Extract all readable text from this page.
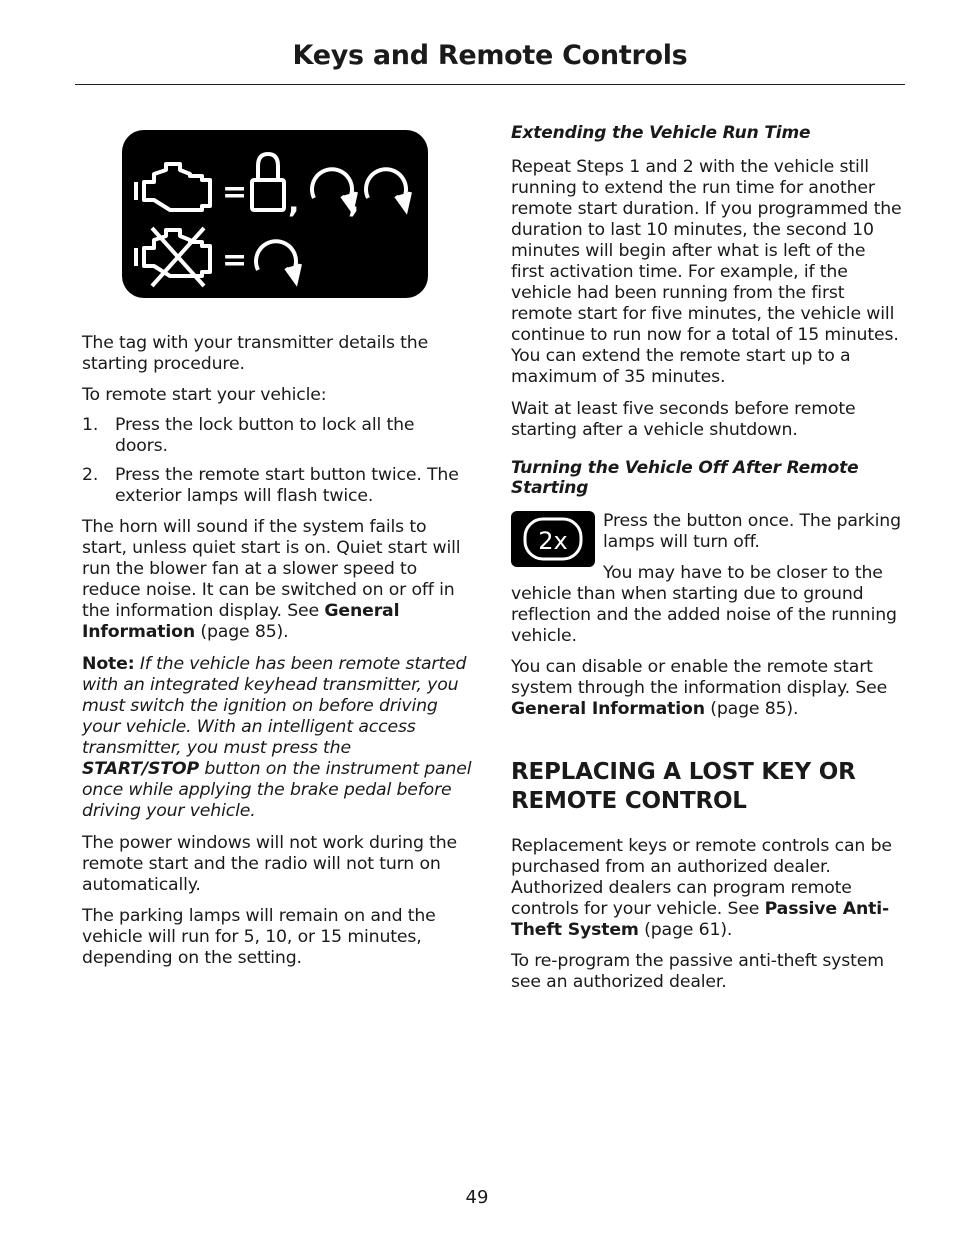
Keys and Remote Controls
= , ,
=

The tag with your transmitter details the starting procedure.

To remote start your vehicle:

1. Press the lock button to lock all the doors.

2. Press the remote start button twice. The exterior lamps will flash twice.

The horn will sound if the system fails to start, unless quiet start is on. Quiet start will run the blower fan at a slower speed to reduce noise. It can be switched on or off in the information display. See General Information (page 85).

Note: If the vehicle has been remote started with an integrated keyhead transmitter, you must switch the ignition on before driving your vehicle. With an intelligent access transmitter, you must press the START/STOP button on the instrument panel once while applying the brake pedal before driving your vehicle.

The power windows will not work during the remote start and the radio will not turn on automatically.

The parking lamps will remain on and the vehicle will run for 5, 10, or 15 minutes, depending on the setting.

Extending the Vehicle Run Time

Repeat Steps 1 and 2 with the vehicle still running to extend the run time for another remote start duration. If you programmed the duration to last 10 minutes, the second 10 minutes will begin after what is left of the first activation time. For example, if the vehicle had been running from the first remote start for five minutes, the vehicle will continue to run now for a total of 15 minutes. You can extend the remote start up to a maximum of 35 minutes.

Wait at least five seconds before remote starting after a vehicle shutdown.

Turning the Vehicle Off After Remote Starting

2x

Press the button once. The parking lamps will turn off.

You may have to be closer to the vehicle than when starting due to ground reflection and the added noise of the running vehicle.

You can disable or enable the remote start system through the information display. See General Information (page 85).

REPLACING A LOST KEY OR REMOTE CONTROL

Replacement keys or remote controls can be purchased from an authorized dealer. Authorized dealers can program remote controls for your vehicle. See Passive Anti-Theft System (page 61).

To re-program the passive anti-theft system see an authorized dealer.

49
